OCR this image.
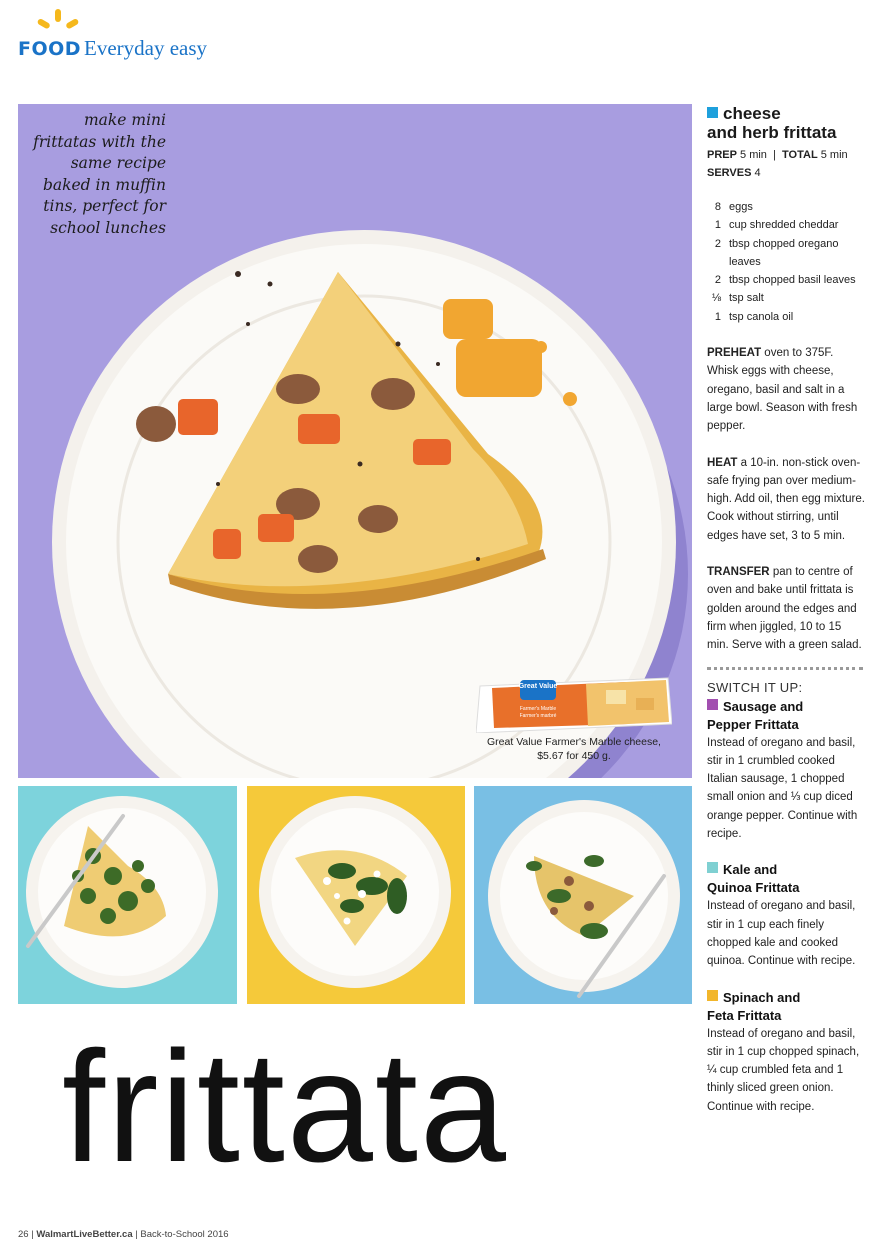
FOOD Everyday easy
make mini frittatas with the same recipe baked in muffin tins, perfect for school lunches
Great Value
Farmer's Marble
Farmer's marbré
Great Value Farmer's Marble cheese, $5.67 for 450 g.
frittata
26 | WalmartLiveBetter.ca | Back-to-School 2016
cheese
and herb frittata
PREP 5 min  |  TOTAL 5 min
SERVES 4
8 eggs
1 cup shredded cheddar
2 tbsp chopped oregano leaves
2 tbsp chopped basil leaves
⅛ tsp salt
1 tsp canola oil
PREHEAT oven to 375F. Whisk eggs with cheese, oregano, basil and salt in a large bowl. Season with fresh pepper.
HEAT a 10-in. non-stick oven-safe frying pan over medium-high. Add oil, then egg mixture. Cook without stirring, until edges have set, 3 to 5 min.
TRANSFER pan to centre of oven and bake until frittata is golden around the edges and firm when jiggled, 10 to 15 min. Serve with a green salad.
SWITCH IT UP:
Sausage and
Pepper Frittata
Instead of oregano and basil, stir in 1 crumbled cooked Italian sausage, 1 chopped small onion and ⅓ cup diced orange pepper. Continue with recipe.
Kale and
Quinoa Frittata
Instead of oregano and basil, stir in 1 cup each finely chopped kale and cooked quinoa. Continue with recipe.
Spinach and
Feta Frittata
Instead of oregano and basil, stir in 1 cup chopped spinach, ¼ cup crumbled feta and 1 thinly sliced green onion. Continue with recipe.
